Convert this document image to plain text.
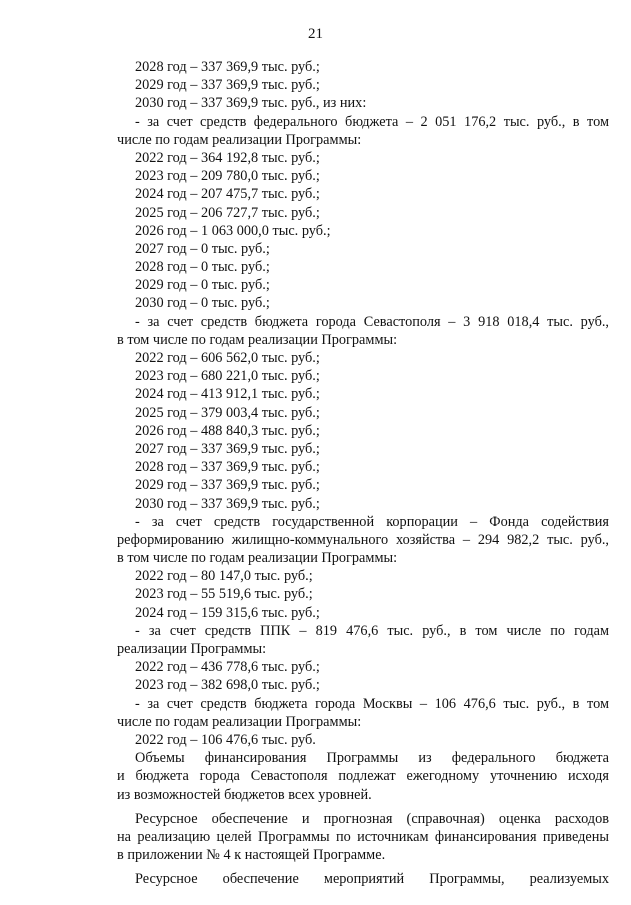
21
2028 год – 337 369,9 тыс. руб.;
2029 год – 337 369,9 тыс. руб.;
2030 год – 337 369,9 тыс. руб., из них:
- за счет средств федерального бюджета – 2 051 176,2 тыс. руб., в том
числе по годам реализации Программы:
2022 год – 364 192,8 тыс. руб.;
2023 год – 209 780,0 тыс. руб.;
2024 год – 207 475,7 тыс. руб.;
2025 год – 206 727,7 тыс. руб.;
2026 год – 1 063 000,0 тыс. руб.;
2027 год – 0 тыс. руб.;
2028 год – 0 тыс. руб.;
2029 год – 0 тыс. руб.;
2030 год – 0 тыс. руб.;
- за счет средств бюджета города Севастополя – 3 918 018,4 тыс. руб.,
в том числе по годам реализации Программы:
2022 год – 606 562,0 тыс. руб.;
2023 год – 680 221,0 тыс. руб.;
2024 год – 413 912,1 тыс. руб.;
2025 год – 379 003,4 тыс. руб.;
2026 год – 488 840,3 тыс. руб.;
2027 год – 337 369,9 тыс. руб.;
2028 год – 337 369,9 тыс. руб.;
2029 год – 337 369,9 тыс. руб.;
2030 год – 337 369,9 тыс. руб.;
- за счет средств государственной корпорации – Фонда содействия
реформированию жилищно-коммунального хозяйства – 294 982,2 тыс. руб.,
в том числе по годам реализации Программы:
2022 год – 80 147,0 тыс. руб.;
2023 год – 55 519,6 тыс. руб.;
2024 год – 159 315,6 тыс. руб.;
- за счет средств ППК – 819 476,6 тыс. руб., в том числе по годам
реализации Программы:
2022 год – 436 778,6 тыс. руб.;
2023 год – 382 698,0 тыс. руб.;
- за счет средств бюджета города Москвы – 106 476,6 тыс. руб., в том
числе по годам реализации Программы:
2022 год – 106 476,6 тыс. руб.
Объемы финансирования Программы из федерального бюджета
и бюджета города Севастополя подлежат ежегодному уточнению исходя
из возможностей бюджетов всех уровней.
Ресурсное обеспечение и прогнозная (справочная) оценка расходов
на реализацию целей Программы по источникам финансирования приведены
в приложении № 4 к настоящей Программе.
Ресурсное обеспечение мероприятий Программы, реализуемых
